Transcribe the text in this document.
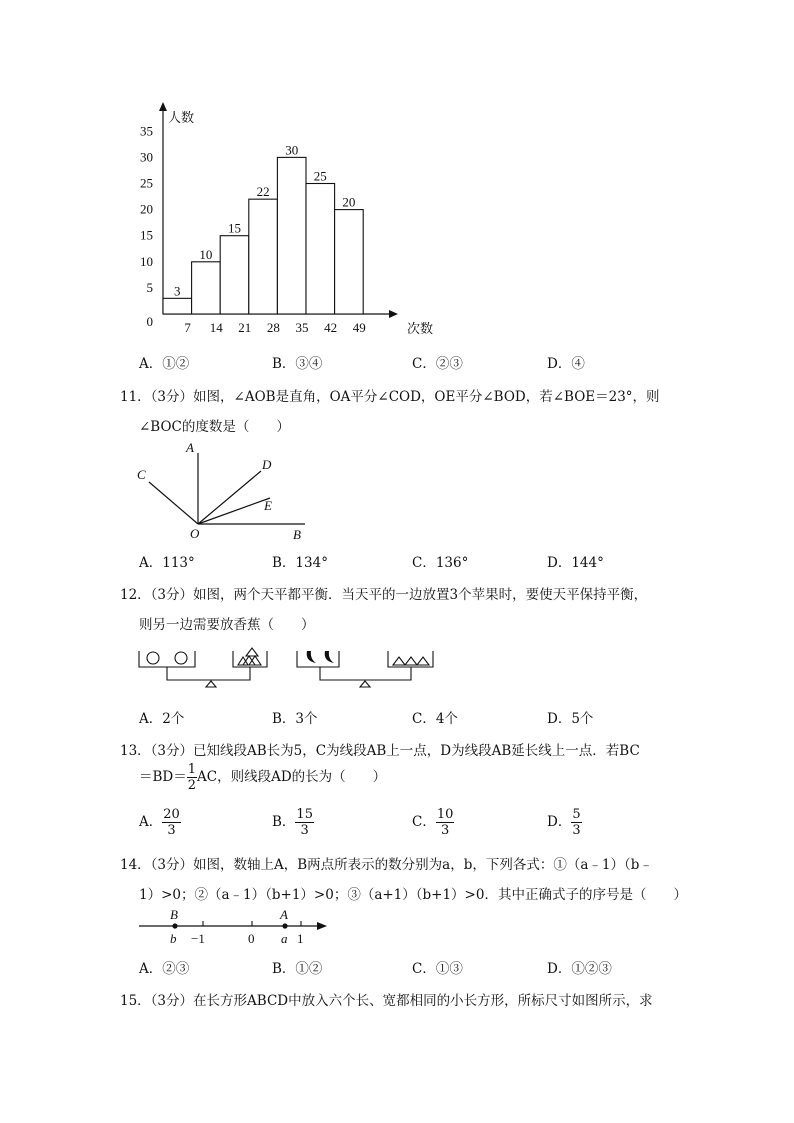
3
10
15
22
30
25
20
5
10
15
20
25
30
35
0 7 14 21 28 35 42 49
人数
次数
A．①②	B．③④	C．②③	D．④
11．（3分）如图，∠AOB是直角，OA平分∠COD，OE平分∠BOD，若∠BOE＝23°，则
∠BOC的度数是（　　）
A
B
C
D
E
O
A．113°	B．134°	C．136°	D．144°
12．（3分）如图，两个天平都平衡．当天平的一边放置3个苹果时，要使天平保持平衡，
则另一边需要放香蕉（　　）
A．2个	B．3个	C．4个	D．5个
13．（3分）已知线段AB长为5，C为线段AB上一点，D为线段AB延长线上一点．若BC
$=BD= \frac{1}{2}$ AC，则线段AD的长为（　　）
A． $\frac{20}{3}$	B． $\frac{15}{3}$	C． $\frac{10}{3}$	D． $\frac{5}{3}$
14．（3分）如图，数轴上A，B两点所表示的数分别为a，b，下列各式：①（a﹣1）（b﹣
1）>0；②（a﹣1）（b+1）>0；③（a+1）（b+1）>0．其中正确式子的序号是（　　）
B	A
b −1	0 a 1
A．②③	B．①②	C．①③	D．①②③
15．（3分）在长方形ABCD中放入六个长、宽都相同的小长方形，所标尺寸如图所示，求
